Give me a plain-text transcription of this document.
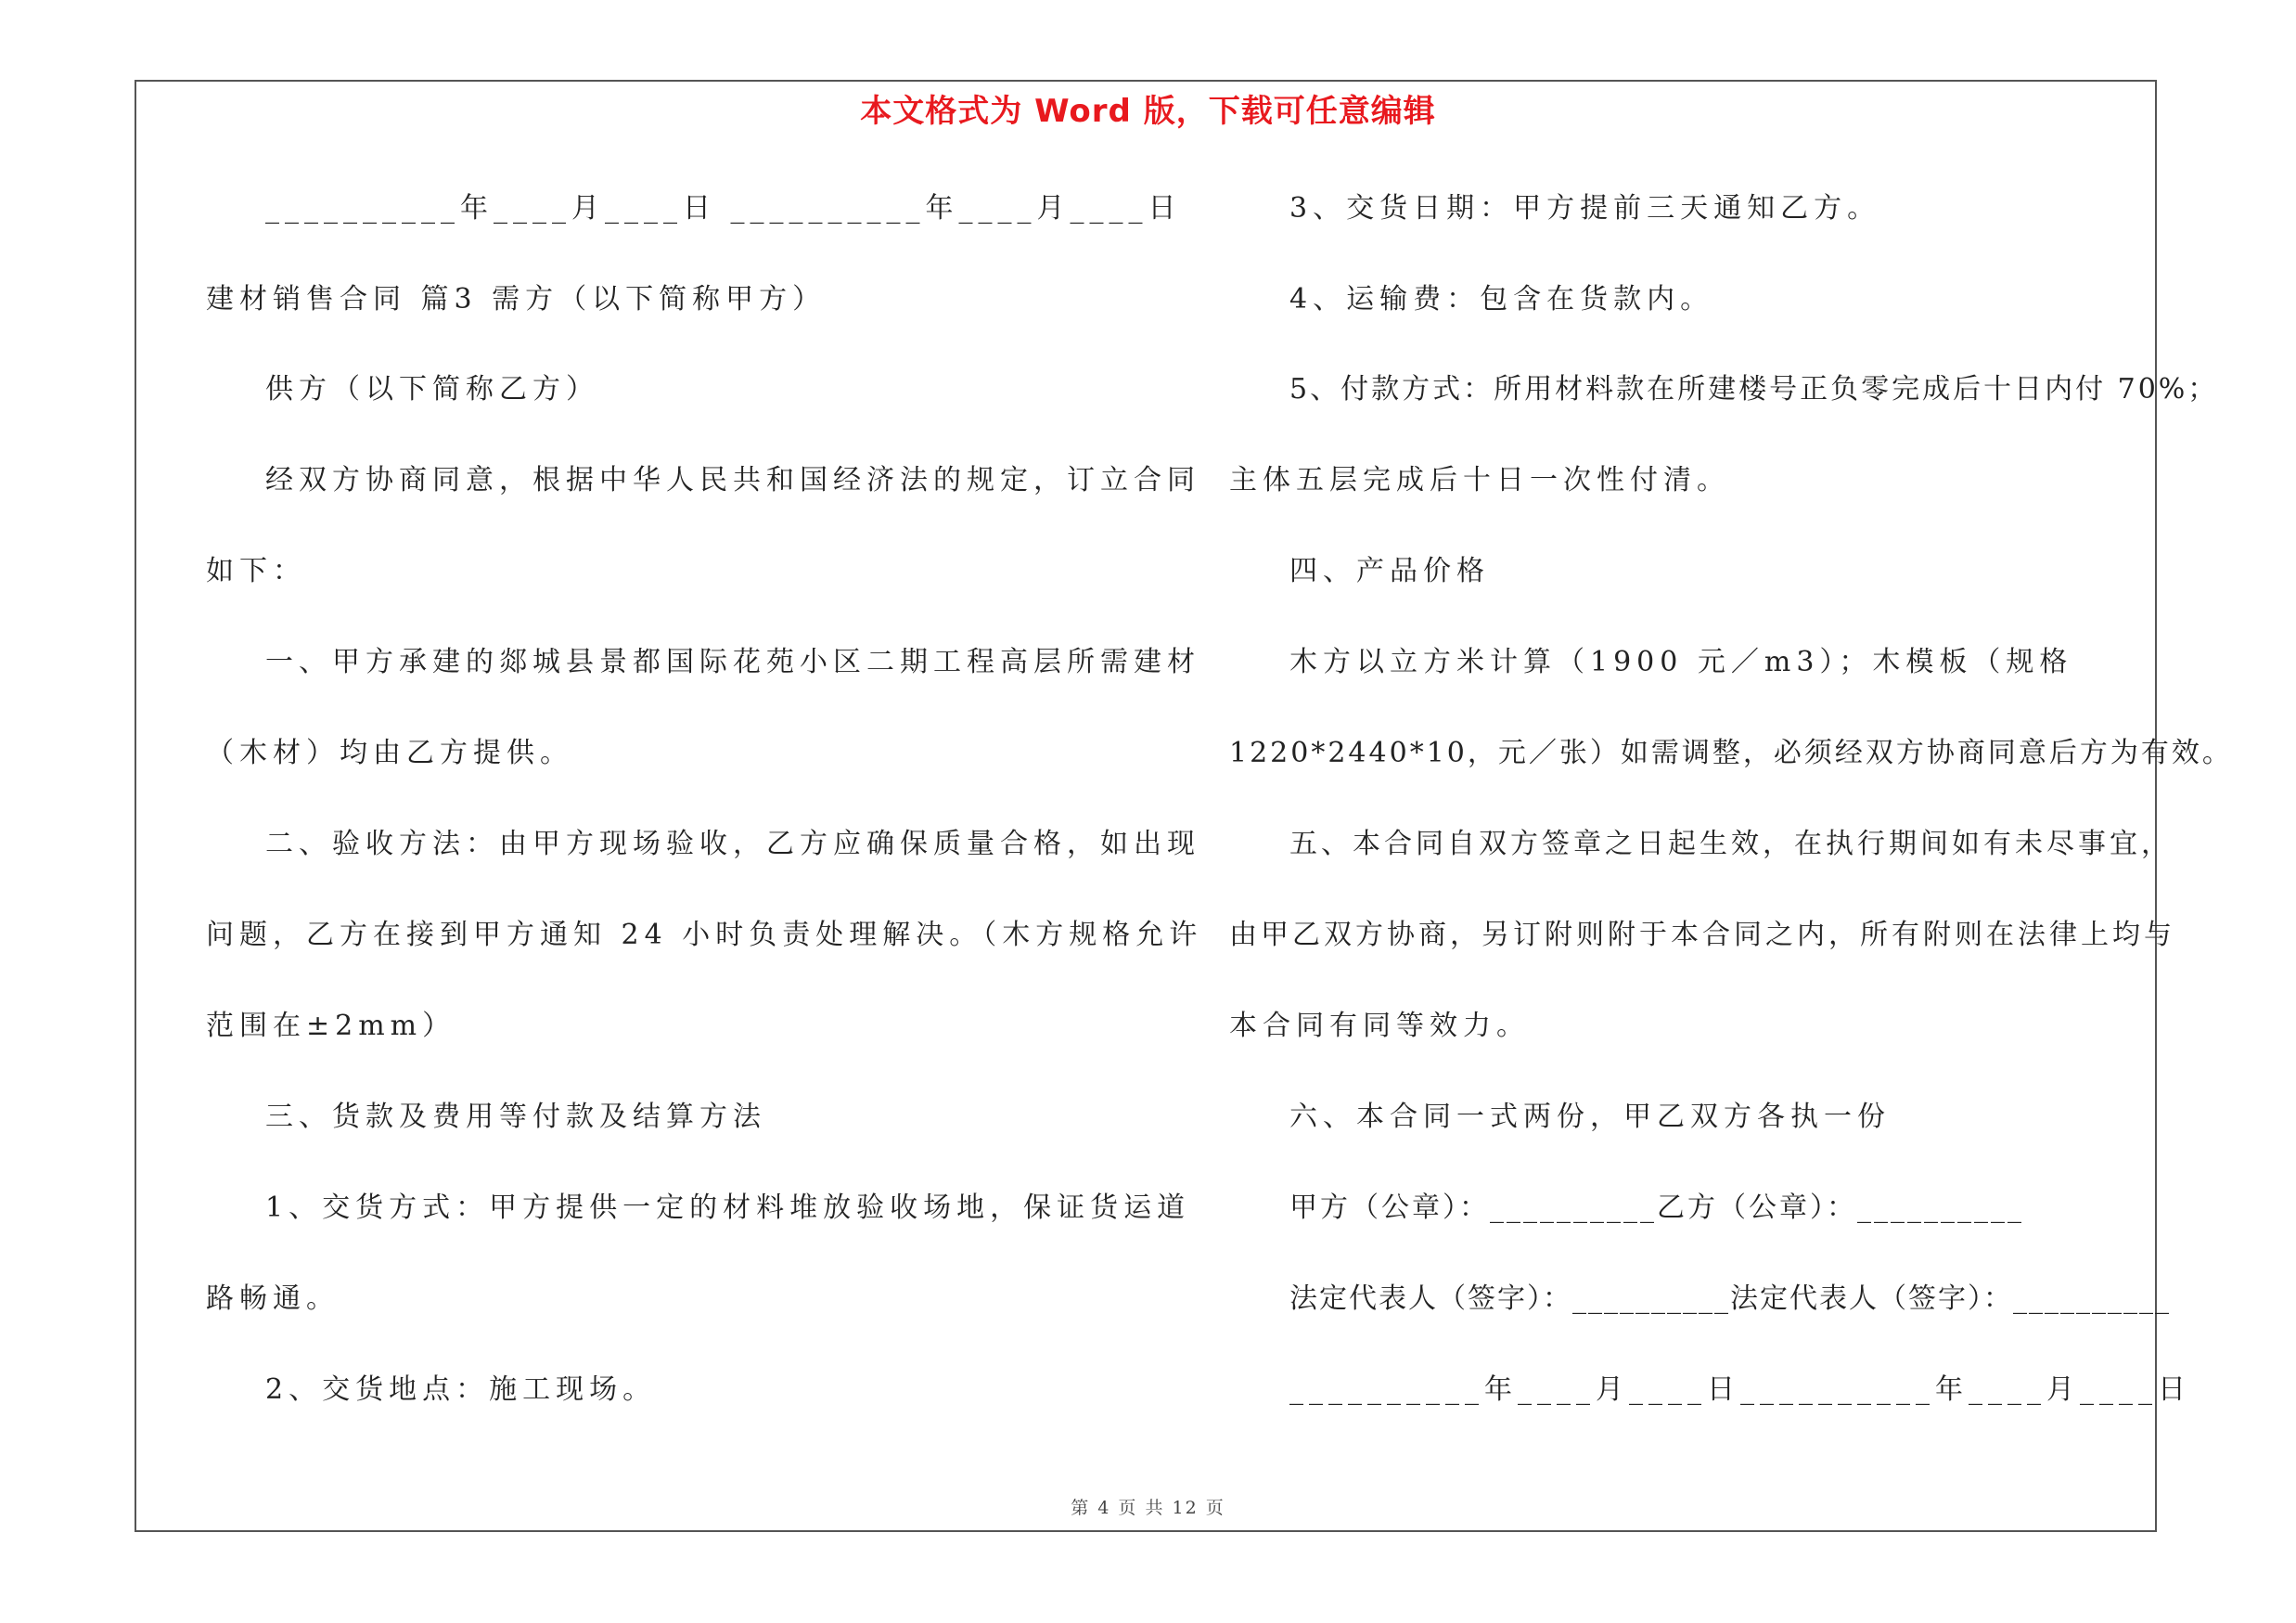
本文格式为 Word 版，下载可任意编辑
__________年____月____日 __________年____月____日
建材销售合同 篇3 需方（以下简称甲方）
供方（以下简称乙方）
经双方协商同意，根据中华人民共和国经济法的规定，订立合同
如下：
一、甲方承建的郯城县景都国际花苑小区二期工程高层所需建材
（木材）均由乙方提供。
二、验收方法：由甲方现场验收，乙方应确保质量合格，如出现
问题，乙方在接到甲方通知 24 小时负责处理解决。（木方规格允许
范围在±2mm）
三、货款及费用等付款及结算方法
1、交货方式：甲方提供一定的材料堆放验收场地，保证货运道
路畅通。
2、交货地点：施工现场。
3、交货日期：甲方提前三天通知乙方。
4、运输费：包含在货款内。
5、付款方式：所用材料款在所建楼号正负零完成后十日内付 70%；
主体五层完成后十日一次性付清。
四、产品价格
木方以立方米计算（1900 元／m3）；木模板（规格
1220*2440*10，元／张）如需调整，必须经双方协商同意后方为有效。
五、本合同自双方签章之日起生效，在执行期间如有未尽事宜，
由甲乙双方协商，另订附则附于本合同之内，所有附则在法律上均与
本合同有同等效力。
六、本合同一式两份，甲乙双方各执一份
甲方（公章）：__________乙方（公章）：__________
法定代表人（签字）：__________法定代表人（签字）：__________
__________年____月____日__________年____月____日
第 4 页 共 12 页
